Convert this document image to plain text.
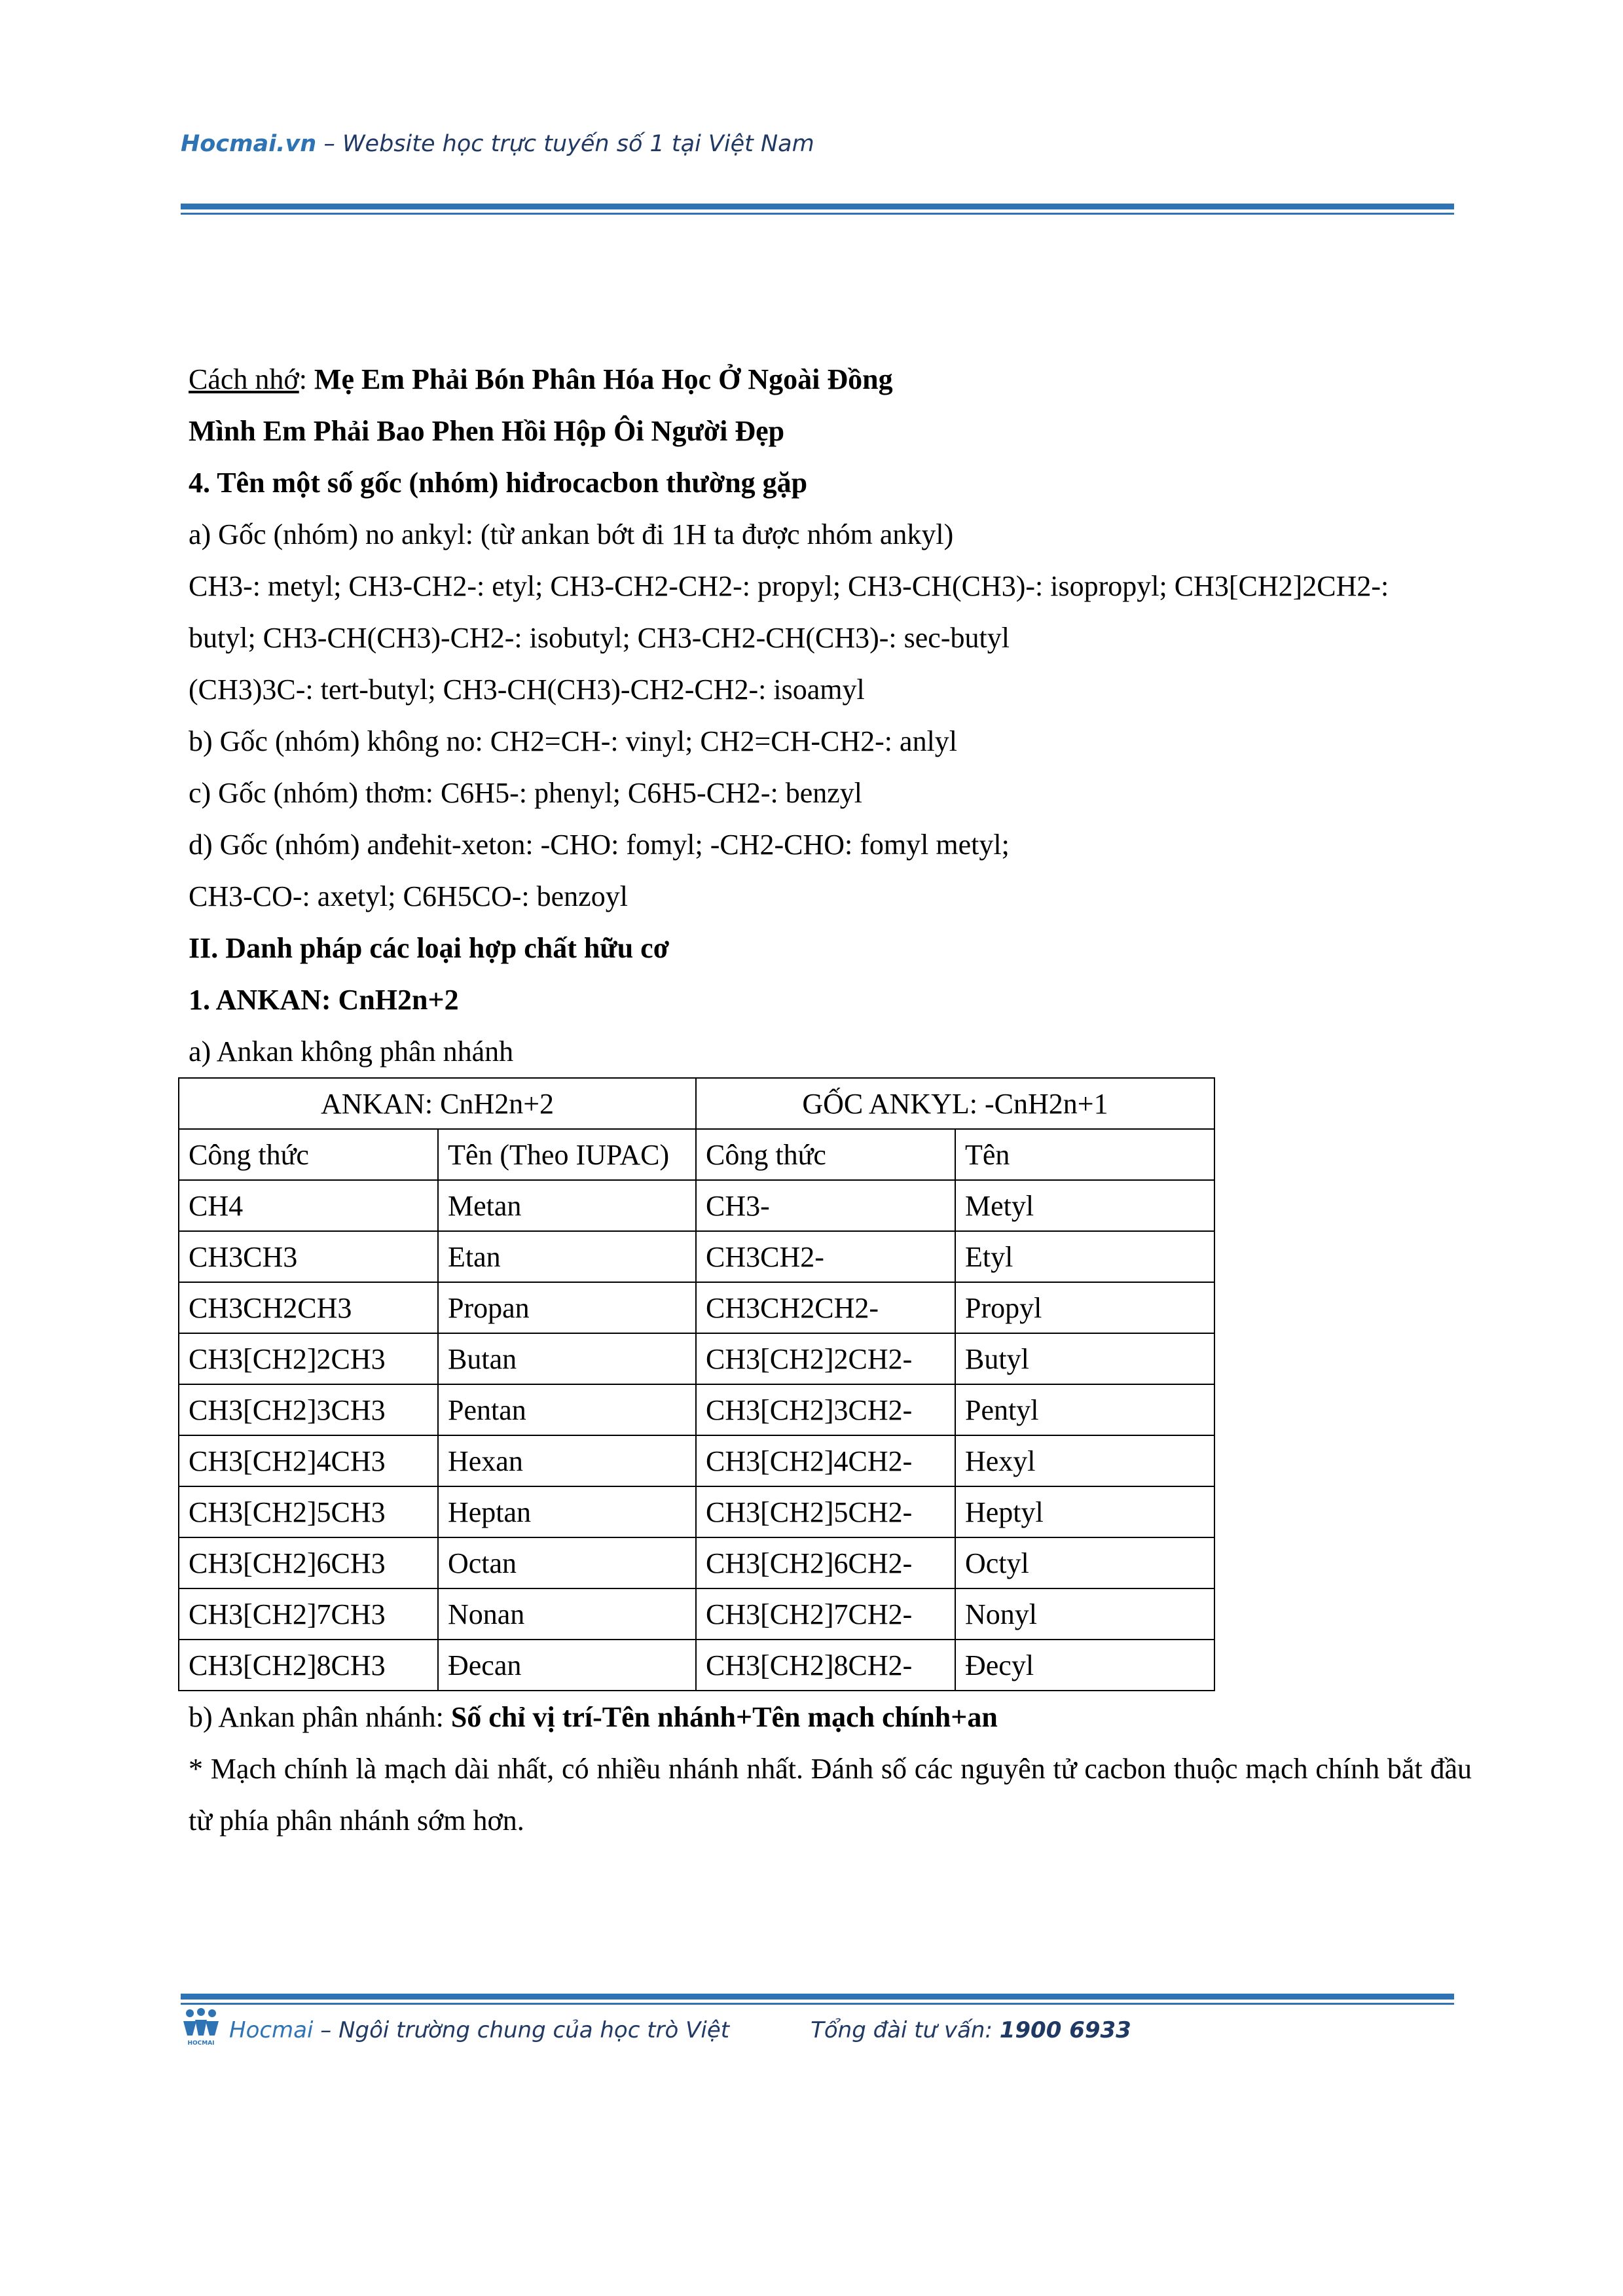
Hocmai.vn – Website học trực tuyến số 1 tại Việt Nam

Cách nhớ: Mẹ Em Phải Bón Phân Hóa Học Ở Ngoài Đồng

Mình Em Phải Bao Phen Hồi Hộp Ôi Người Đẹp

4. Tên một số gốc (nhóm) hiđrocacbon thường gặp

a) Gốc (nhóm) no ankyl: (từ ankan bớt đi 1H ta được nhóm ankyl)

CH3-: metyl; CH3-CH2-: etyl; CH3-CH2-CH2-: propyl; CH3-CH(CH3)-: isopropyl; CH3[CH2]2CH2-:

butyl; CH3-CH(CH3)-CH2-: isobutyl; CH3-CH2-CH(CH3)-: sec-butyl

(CH3)3C-: tert-butyl; CH3-CH(CH3)-CH2-CH2-: isoamyl

b) Gốc (nhóm) không no: CH2=CH-: vinyl; CH2=CH-CH2-: anlyl

c) Gốc (nhóm) thơm: C6H5-: phenyl; C6H5-CH2-: benzyl

d) Gốc (nhóm) anđehit-xeton: -CHO: fomyl; -CH2-CHO: fomyl metyl;

CH3-CO-: axetyl; C6H5CO-: benzoyl

II. Danh pháp các loại hợp chất hữu cơ

1. ANKAN: CnH2n+2

a) Ankan không phân nhánh

ANKAN: CnH2n+2		GỐC ANKYL: -CnH2n+1	
Công thức	Tên (Theo IUPAC)	Công thức	Tên
CH4	Metan	CH3-	Metyl
CH3CH3	Etan	CH3CH2-	Etyl
CH3CH2CH3	Propan	CH3CH2CH2-	Propyl
CH3[CH2]2CH3	Butan	CH3[CH2]2CH2-	Butyl
CH3[CH2]3CH3	Pentan	CH3[CH2]3CH2-	Pentyl
CH3[CH2]4CH3	Hexan	CH3[CH2]4CH2-	Hexyl
CH3[CH2]5CH3	Heptan	CH3[CH2]5CH2-	Heptyl
CH3[CH2]6CH3	Octan	CH3[CH2]6CH2-	Octyl
CH3[CH2]7CH3	Nonan	CH3[CH2]7CH2-	Nonyl
CH3[CH2]8CH3	Đecan	CH3[CH2]8CH2-	Đecyl

b) Ankan phân nhánh: Số chỉ vị trí-Tên nhánh+Tên mạch chính+an

* Mạch chính là mạch dài nhất, có nhiều nhánh nhất. Đánh số các nguyên tử cacbon thuộc mạch chính bắt đầu từ phía phân nhánh sớm hơn.

HOCMAI Hocmai – Ngôi trường chung của học trò Việt	Tổng đài tư vấn: 1900 6933
